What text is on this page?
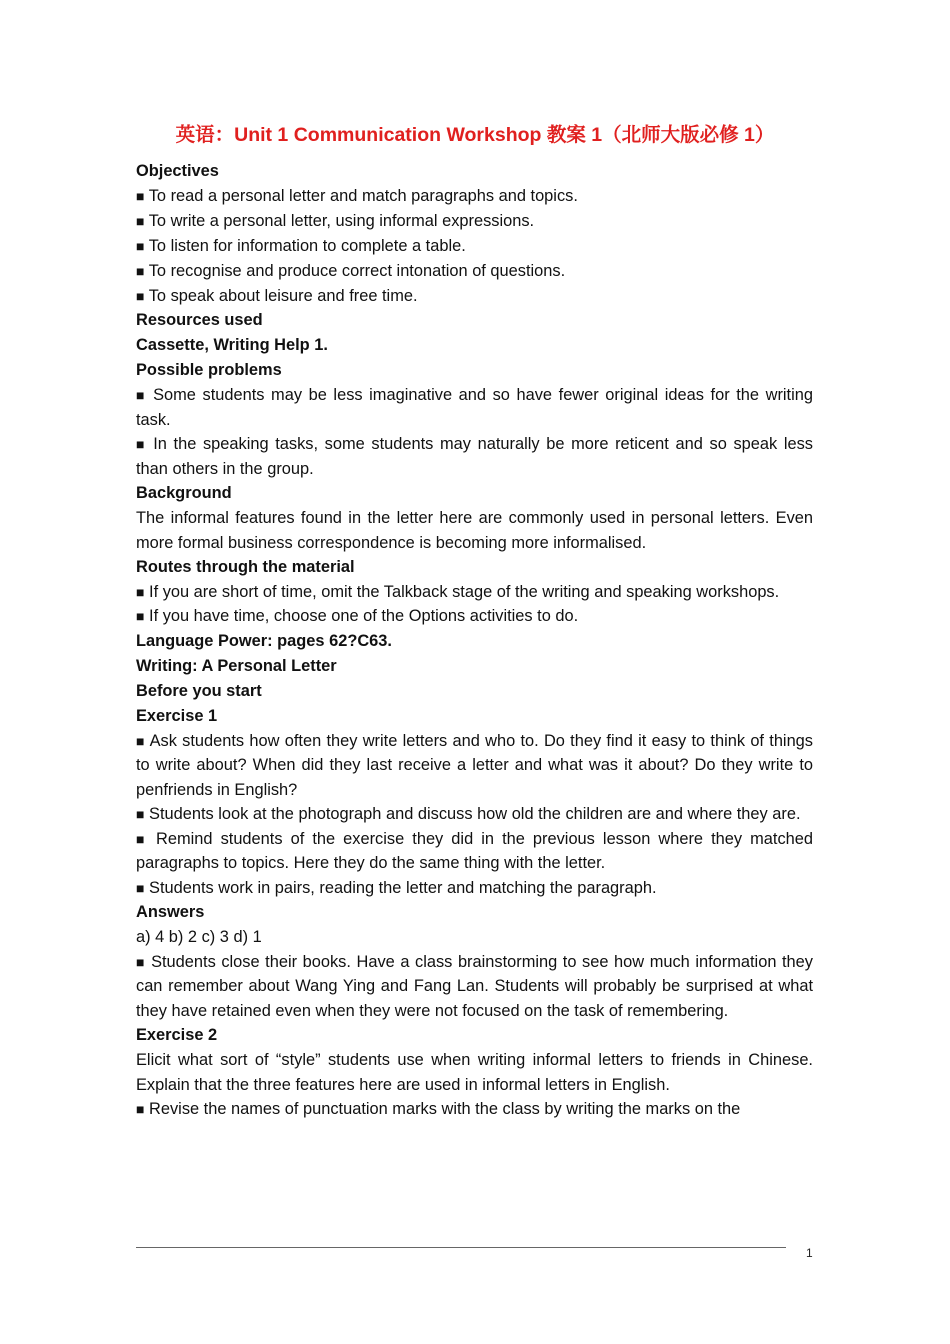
英语：Unit 1 Communication Workshop 教案 1（北师大版必修 1）
Objectives
■ To read a personal letter and match paragraphs and topics.
■ To write a personal letter, using informal expressions.
■ To listen for information to complete a table.
■ To recognise and produce correct intonation of questions.
■ To speak about leisure and free time.
Resources used
Cassette, Writing Help 1.
Possible problems
■ Some students may be less imaginative and so have fewer original ideas for the writing task.
■ In the speaking tasks, some students may naturally be more reticent and so speak less than others in the group.
Background
The informal features found in the letter here are commonly used in personal letters. Even more formal business correspondence is becoming more informalised.
Routes through the material
■ If you are short of time, omit the Talkback stage of the writing and speaking workshops.
■ If you have time, choose one of the Options activities to do.
Language Power: pages 62?C63.
Writing: A Personal Letter
Before you start
Exercise 1
■ Ask students how often they write letters and who to. Do they find it easy to think of things to write about? When did they last receive a letter and what was it about? Do they write to penfriends in English?
■ Students look at the photograph and discuss how old the children are and where they are.
■ Remind students of the exercise they did in the previous lesson where they matched paragraphs to topics. Here they do the same thing with the letter.
■ Students work in pairs, reading the letter and matching the paragraph.
Answers
a) 4 b) 2 c) 3 d) 1
■ Students close their books. Have a class brainstorming to see how much information they can remember about Wang Ying and Fang Lan. Students will probably be surprised at what they have retained even when they were not focused on the task of remembering.
Exercise 2
Elicit what sort of “style” students use when writing informal letters to friends in Chinese. Explain that the three features here are used in informal letters in English.
■ Revise the names of punctuation marks with the class by writing the marks on the
1
